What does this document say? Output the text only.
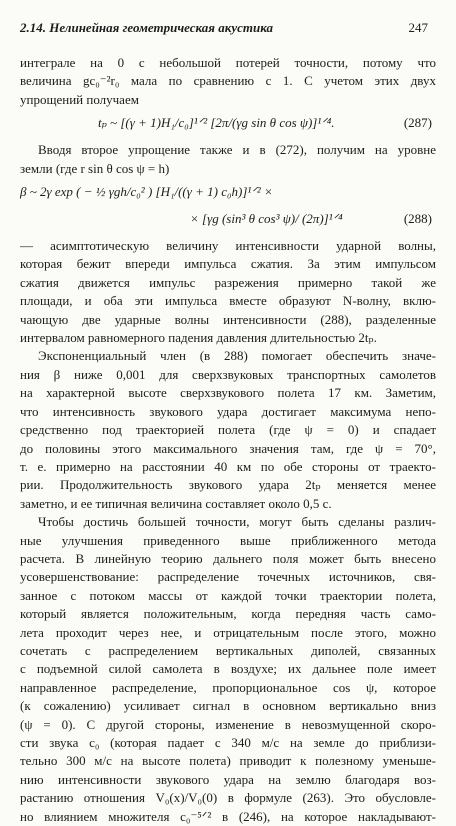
2.14. Нелинейная геометрическая акустика	247
интеграле на 0 с небольшой потерей точности, потому что
величина gc₀⁻²r₀ мала по сравнению с 1. С учетом этих двух
упрощений получаем
tₚ ~ [(γ + 1)H₁/c₀]¹ᐟ² [2π/(γg sin θ cos ψ)]¹ᐟ⁴.	(287)
Вводя второе упрощение также и в (272), получим на уровне
земли (где r sin θ cos ψ = h)
β ~ 2γ exp ( − ½ γgh/c₀² ) [H₁/((γ + 1) c₀h)]¹ᐟ² ×
× [γg (sin³ θ cos³ ψ)/ (2π)]¹ᐟ⁴	(288)
— асимптотическую величину интенсивности ударной волны,
которая бежит впереди импульса сжатия. За этим импульсом
сжатия движется импульс разрежения примерно такой же
площади, и оба эти импульса вместе образуют N-волну, вклю-
чающую две ударные волны интенсивности (288), разделенные
интервалом равномерного падения давления длительностью 2tₚ.
Экспоненциальный член (в 288) помогает обеспечить значе-
ния β ниже 0,001 для сверхзвуковых транспортных самолетов
на характерной высоте сверхзвукового полета 17 км. Заметим,
что интенсивность звукового удара достигает максимума непо-
средственно под траекторией полета (где ψ = 0) и спадает
до половины этого максимального значения там, где ψ = 70°,
т. е. примерно на расстоянии 40 км по обе стороны от траекто-
рии. Продолжительность звукового удара 2tₚ меняется менее
заметно, и ее типичная величина составляет около 0,5 с.
Чтобы достичь большей точности, могут быть сделаны различ-
ные улучшения приведенного выше приближенного метода
расчета. В линейную теорию дальнего поля может быть внесено
усовершенствование: распределение точечных источников, свя-
занное с потоком массы от каждой точки траектории полета,
который является положительным, когда передняя часть само-
лета проходит через нее, и отрицательным после этого, можно
сочетать с распределением вертикальных диполей, связанных
с подъемной силой самолета в воздухе; их дальнее поле имеет
направленное распределение, пропорциональное cos ψ, которое
(к сожалению) усиливает сигнал в основном вертикально вниз
(ψ = 0). С другой стороны, изменение в невозмущенной скоро-
сти звука c₀ (которая падает с 340 м/с на земле до приблизи-
тельно 300 м/с на высоте полета) приводит к полезному уменьше-
нию интенсивности звукового удара на землю благодаря воз-
растанию отношения V₀(x)/V₀(0) в формуле (263). Это обусловле-
но влиянием множителя c₀⁻⁵ᐟ² в (246), на которое накладывают-
